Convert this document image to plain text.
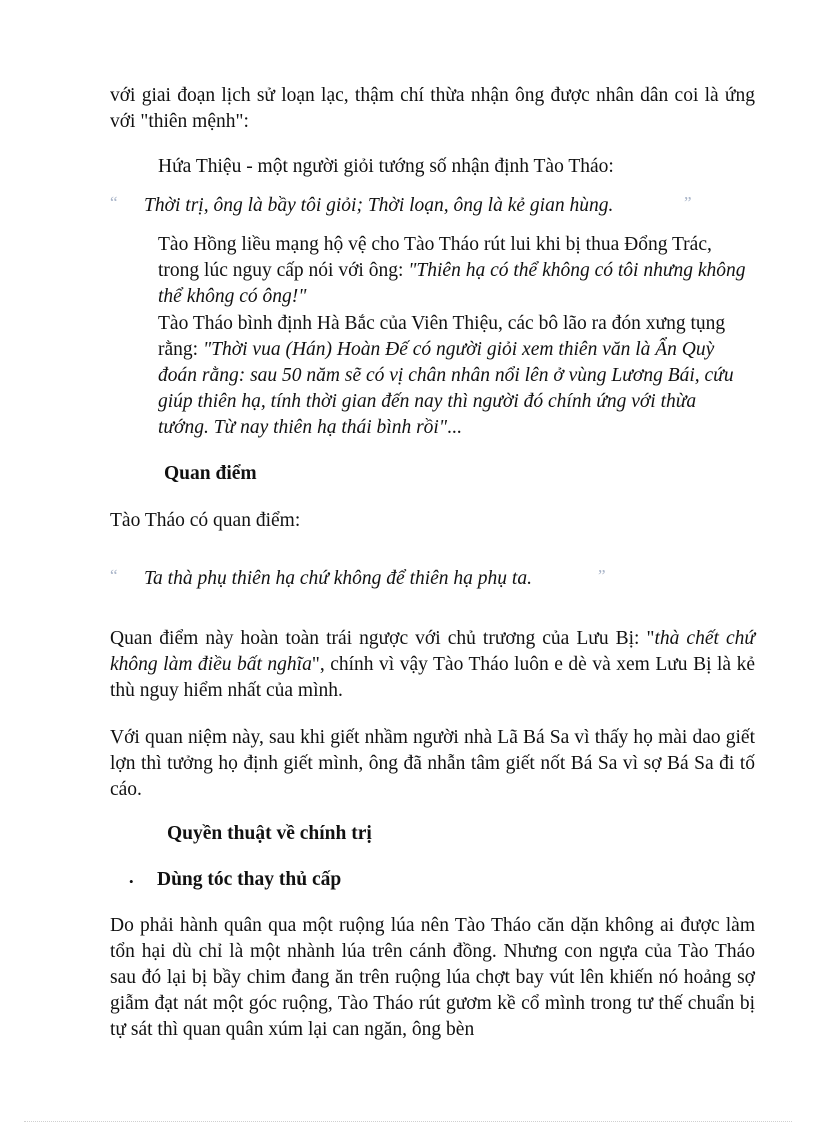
với giai đoạn lịch sử loạn lạc, thậm chí thừa nhận ông được nhân dân coi là ứng với "thiên mệnh":

Hứa Thiệu - một người giỏi tướng số nhận định Tào Tháo:

“ Thời trị, ông là bầy tôi giỏi; Thời loạn, ông là kẻ gian hùng.	”

Tào Hồng liều mạng hộ vệ cho Tào Tháo rút lui khi bị thua Đổng Trác, trong lúc nguy cấp nói với ông: "Thiên hạ có thể không có tôi nhưng không thể không có ông!"

Tào Tháo bình định Hà Bắc của Viên Thiệu, các bô lão ra đón xưng tụng rằng: "Thời vua (Hán) Hoàn Đế có người giỏi xem thiên văn là Ẩn Quỳ đoán rằng: sau 50 năm sẽ có vị chân nhân nổi lên ở vùng Lương Bái, cứu giúp thiên hạ, tính thời gian đến nay thì người đó chính ứng với thừa tướng. Từ nay thiên hạ thái bình rồi"...

Quan điểm

Tào Tháo có quan điểm:

“ Ta thà phụ thiên hạ chứ không để thiên hạ phụ ta.	”

Quan điểm này hoàn toàn trái ngược với chủ trương của Lưu Bị: "thà chết chứ không làm điều bất nghĩa", chính vì vậy Tào Tháo luôn e dè và xem Lưu Bị là kẻ thù nguy hiểm nhất của mình.

Với quan niệm này, sau khi giết nhầm người nhà Lã Bá Sa vì thấy họ mài dao giết lợn thì tưởng họ định giết mình, ông đã nhẫn tâm giết nốt Bá Sa vì sợ Bá Sa đi tố cáo.

Quyền thuật về chính trị
• Dùng tóc thay thủ cấp

Do phải hành quân qua một ruộng lúa nên Tào Tháo căn dặn không ai được làm tổn hại dù chỉ là một nhành lúa trên cánh đồng. Nhưng con ngựa của Tào Tháo sau đó lại bị bầy chim đang ăn trên ruộng lúa chợt bay vút lên khiến nó hoảng sợ giẫm đạt nát một góc ruộng, Tào Tháo rút gươm kề cổ mình trong tư thế chuẩn bị tự sát thì quan quân xúm lại can ngăn, ông bèn
